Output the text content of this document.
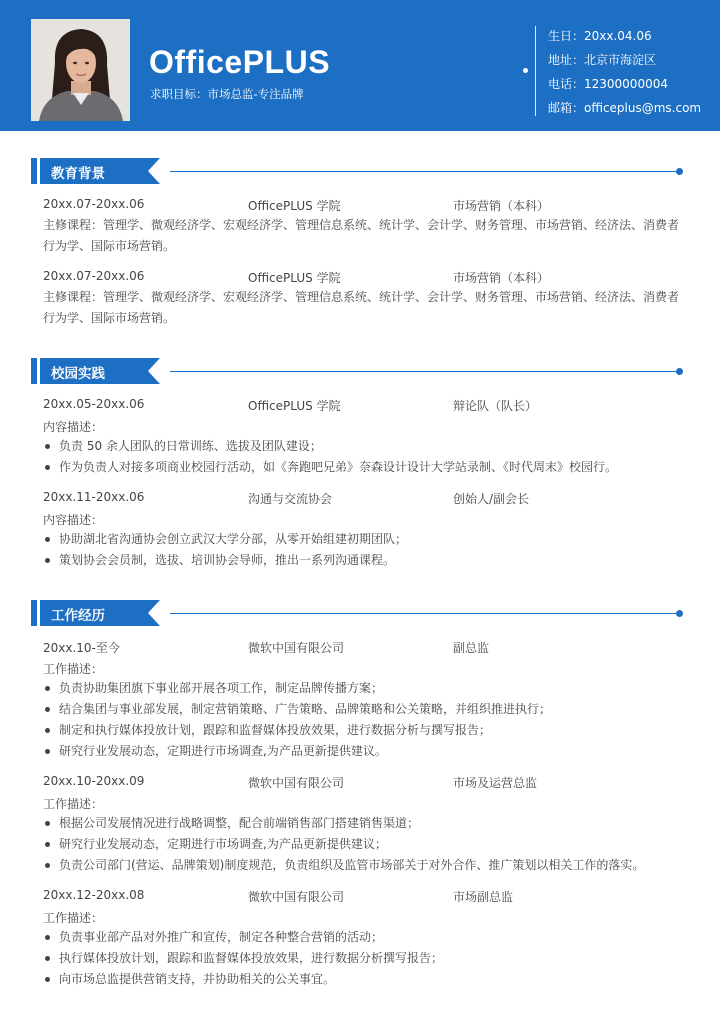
OfficePLUS
求职目标：市场总监-专注品牌
生日：20xx.04.06
地址：北京市海淀区
电话：12300000004
邮箱：officeplus@ms.com
教育背景
20xx.07-20xx.06	OfficePLUS 学院	市场营销（本科）
主修课程：管理学、微观经济学、宏观经济学、管理信息系统、统计学、会计学、财务管理、市场营销、经济法、消费者
行为学、国际市场营销。
20xx.07-20xx.06	OfficePLUS 学院	市场营销（本科）
主修课程：管理学、微观经济学、宏观经济学、管理信息系统、统计学、会计学、财务管理、市场营销、经济法、消费者
行为学、国际市场营销。
校园实践
20xx.05-20xx.06	OfficePLUS 学院	辩论队（队长）
内容描述：
负责 50 余人团队的日常训练、选拔及团队建设；
作为负责人对接多项商业校园行活动，如《奔跑吧兄弟》奈森设计设计大学站录制、《时代周末》校园行。
20xx.11-20xx.06	沟通与交流协会	创始人/副会长
内容描述：
协助湖北省沟通协会创立武汉大学分部，从零开始组建初期团队；
策划协会会员制，选拔、培训协会导师，推出一系列沟通课程。
工作经历
20xx.10-至今	微软中国有限公司	副总监
工作描述：
负责协助集团旗下事业部开展各项工作，制定品牌传播方案；
结合集团与事业部发展，制定营销策略、广告策略、品牌策略和公关策略，并组织推进执行；
制定和执行媒体投放计划，跟踪和监督媒体投放效果，进行数据分析与撰写报告；
研究行业发展动态，定期进行市场调查,为产品更新提供建议。
20xx.10-20xx.09	微软中国有限公司	市场及运营总监
工作描述：
根据公司发展情况进行战略调整，配合前端销售部门搭建销售渠道；
研究行业发展动态，定期进行市场调查,为产品更新提供建议；
负责公司部门(营运、品牌策划)制度规范，负责组织及监管市场部关于对外合作、推广策划以相关工作的落实。
20xx.12-20xx.08	微软中国有限公司	市场副总监
工作描述：
负责事业部产品对外推广和宣传，制定各种整合营销的活动；
执行媒体投放计划，跟踪和监督媒体投放效果，进行数据分析撰写报告；
向市场总监提供营销支持，并协助相关的公关事宜。
